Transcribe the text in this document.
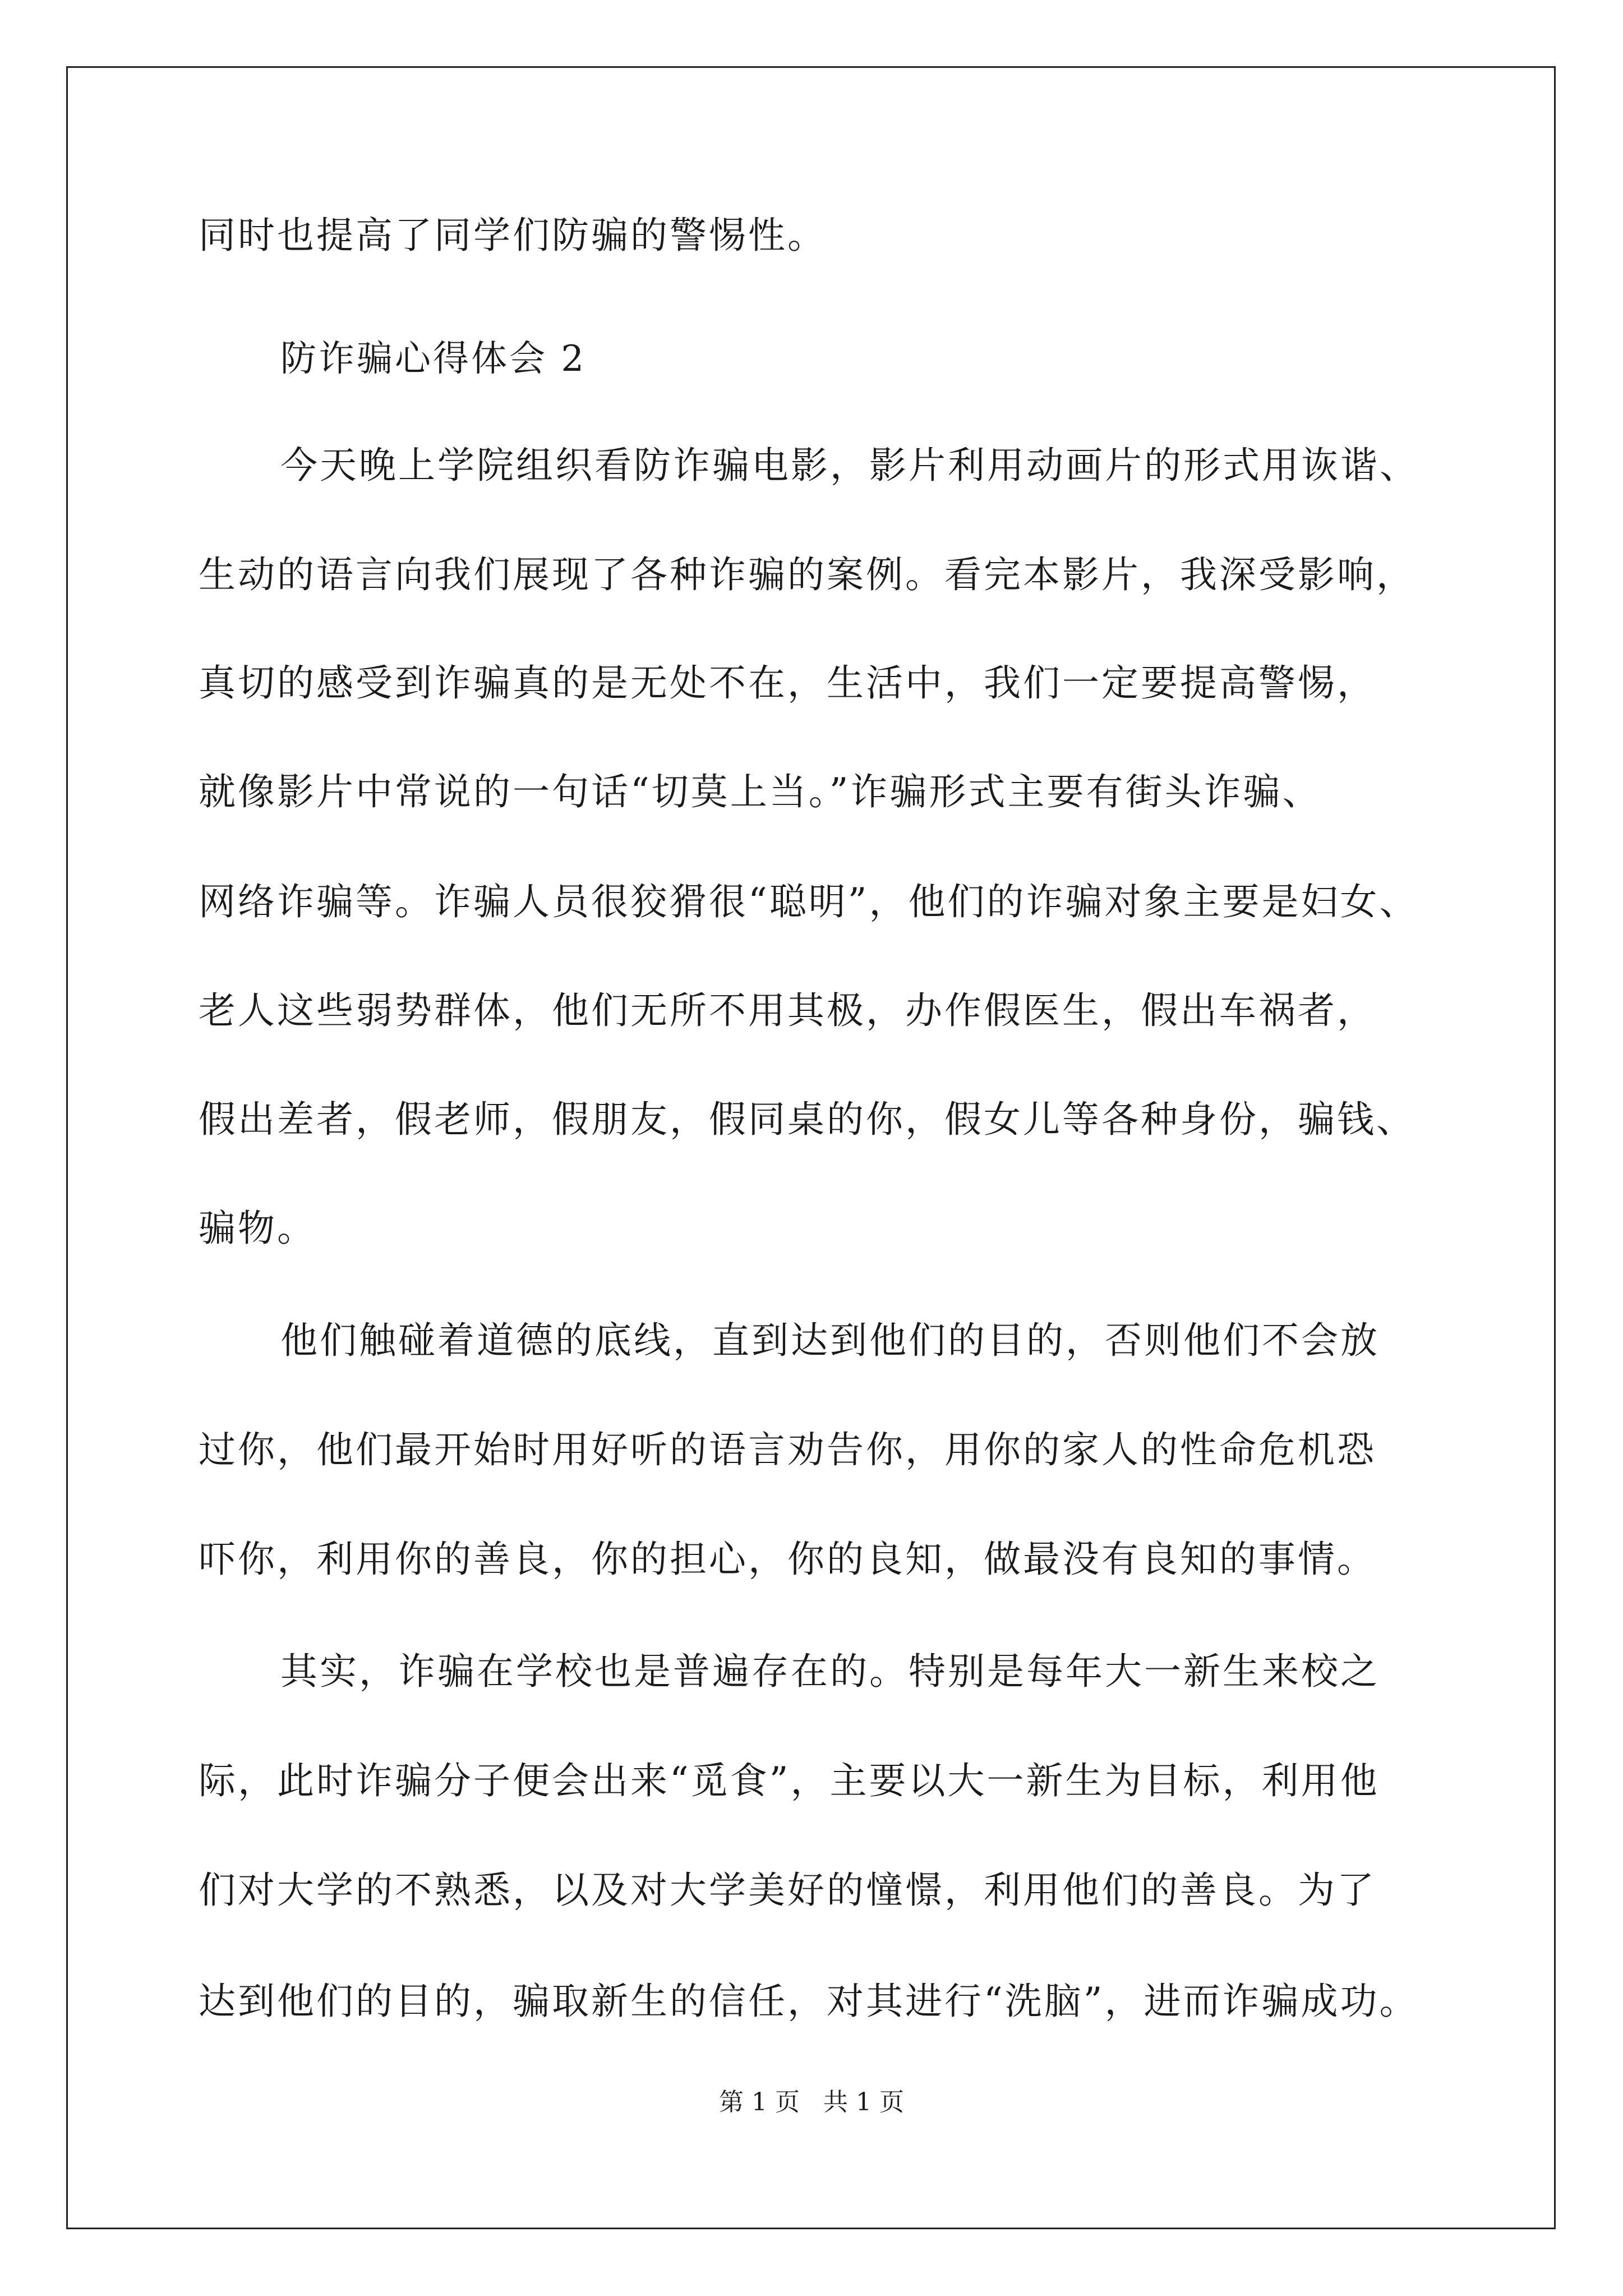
同时也提高了同学们防骗的警惕性。
防诈骗心得体会 2
今天晚上学院组织看防诈骗电影，影片利用动画片的形式用诙谐、
生动的语言向我们展现了各种诈骗的案例。看完本影片，我深受影响，
真切的感受到诈骗真的是无处不在，生活中，我们一定要提高警惕，
就像影片中常说的一句话“切莫上当。”诈骗形式主要有街头诈骗、
网络诈骗等。诈骗人员很狡猾很“聪明”，他们的诈骗对象主要是妇女、
老人这些弱势群体，他们无所不用其极，办作假医生，假出车祸者，
假出差者，假老师，假朋友，假同桌的你，假女儿等各种身份，骗钱、
骗物。
他们触碰着道德的底线，直到达到他们的目的，否则他们不会放
过你，他们最开始时用好听的语言劝告你，用你的家人的性命危机恐
吓你，利用你的善良，你的担心，你的良知，做最没有良知的事情。
其实，诈骗在学校也是普遍存在的。特别是每年大一新生来校之
际，此时诈骗分子便会出来“觅食”，主要以大一新生为目标，利用他
们对大学的不熟悉，以及对大学美好的憧憬，利用他们的善良。为了
达到他们的目的，骗取新生的信任，对其进行“洗脑”，进而诈骗成功。
第 1 页 共 1 页
